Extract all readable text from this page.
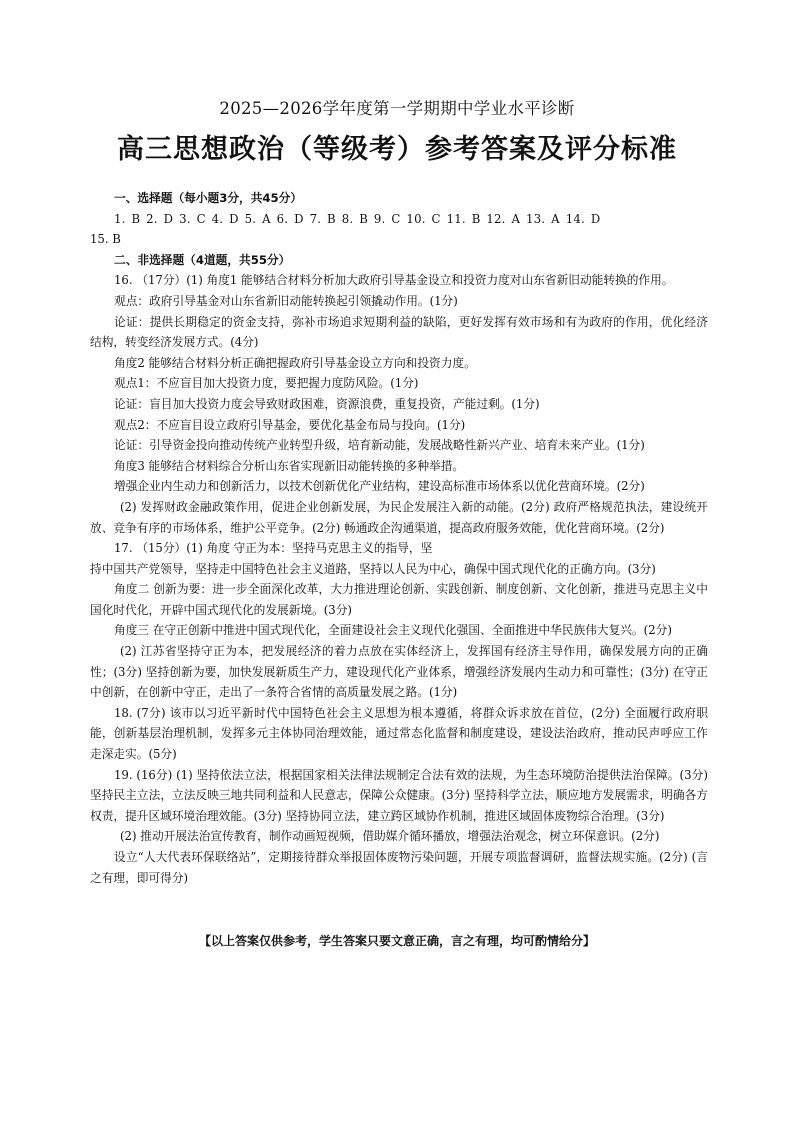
2025—2026学年度第一学期期中学业水平诊断
高三思想政治（等级考）参考答案及评分标准

一、选择题（每小题3分，共45分）

1. B 2. D 3. C 4. D 5. A 6. D 7. B 8. B 9. C 10. C 11. B 12. A 13. A 14. D

15. B

二、非选择题（4道题，共55分）

16. （17分）(1) 角度1 能够结合材料分析加大政府引导基金设立和投资力度对山东省新旧动能转换的作用。

观点：政府引导基金对山东省新旧动能转换起引领撬动作用。(1分)

论证：提供长期稳定的资金支持，弥补市场追求短期利益的缺陷，更好发挥有效市场和有为政府的作用，优化经济结构，转变经济发展方式。(4分)

角度2 能够结合材料分析正确把握政府引导基金设立方向和投资力度。

观点1：不应盲目加大投资力度，要把握力度防风险。(1分)

论证：盲目加大投资力度会导致财政困难，资源浪费，重复投资，产能过剩。(1分)

观点2：不应盲目设立政府引导基金，要优化基金布局与投向。(1分)

论证：引导资金投向推动传统产业转型升级，培育新动能，发展战略性新兴产业、培育未来产业。(1分)

角度3 能够结合材料综合分析山东省实现新旧动能转换的多种举措。

增强企业内生动力和创新活力，以技术创新优化产业结构，建设高标准市场体系以优化营商环境。(2分)

(2) 发挥财政金融政策作用，促进企业创新发展，为民企发展注入新的动能。(2分) 政府严格规范执法，建设统开放、竞争有序的市场体系，维护公平竞争。(2分) 畅通政企沟通渠道，提高政府服务效能，优化营商环境。(2分)

17. （15分）(1) 角度 守正为本：坚持马克思主义的指导，坚

持中国共产党领导，坚持走中国特色社会主义道路，坚持以人民为中心，确保中国式现代化的正确方向。(3分)

角度二 创新为要：进一步全面深化改革，大力推进理论创新、实践创新、制度创新、文化创新，推进马克思主义中国化时代化，开辟中国式现代化的发展新境。(3分)

角度三 在守正创新中推进中国式现代化，全面建设社会主义现代化强国、全面推进中华民族伟大复兴。(2分)

(2) 江苏省坚持守正为本，把发展经济的着力点放在实体经济上，发挥国有经济主导作用，确保发展方向的正确性；(3分) 坚持创新为要，加快发展新质生产力，建设现代化产业体系，增强经济发展内生动力和可靠性；(3分) 在守正中创新，在创新中守正，走出了一条符合省情的高质量发展之路。(1分)

18. (7分) 该市以习近平新时代中国特色社会主义思想为根本遵循，将群众诉求放在首位，(2分) 全面履行政府职能，创新基层治理机制，发挥多元主体协同治理效能，通过常态化监督和制度建设，建设法治政府，推动民声呼应工作走深走实。(5分)

19. (16分) (1) 坚持依法立法，根据国家相关法律法规制定合法有效的法规，为生态环境防治提供法治保障。(3分) 坚持民主立法，立法反映三地共同利益和人民意志，保障公众健康。(3分) 坚持科学立法，顺应地方发展需求，明确各方权责，提升区域环境治理效能。(3分) 坚持协同立法，建立跨区域协作机制，推进区域固体废物综合治理。(3分)

(2) 推动开展法治宣传教育，制作动画短视频，借助媒介循环播放，增强法治观念，树立环保意识。(2分)

设立“人大代表环保联络站”，定期接待群众举报固体废物污染问题，开展专项监督调研，监督法规实施。(2分) (言之有理，即可得分)

【以上答案仅供参考，学生答案只要文意正确，言之有理，均可酌情给分】
